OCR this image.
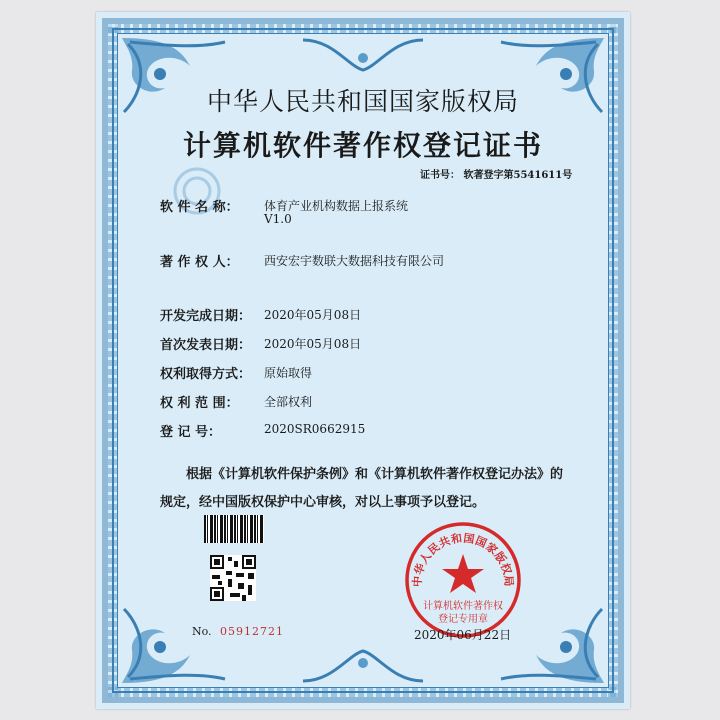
中华人民共和国国家版权局
计算机软件著作权登记证书
证书号： 软著登字第5541611号
软 件 名 称： 体育产业机构数据上报系统
V1.0
著 作 权 人： 西安宏宇数联大数据科技有限公司
开发完成日期： 2020年05月08日
首次发表日期： 2020年05月08日
权利取得方式： 原始取得
权 利 范 围： 全部权利
登 记 号：	2020SR0662915
根据《计算机软件保护条例》和《计算机软件著作权登记办法》的
规定，经中国版权保护中心审核，对以上事项予以登记。
No. 05912721
中华人民共和国国家版权局
计算机软件著作权
登记专用章
2020年06月22日
